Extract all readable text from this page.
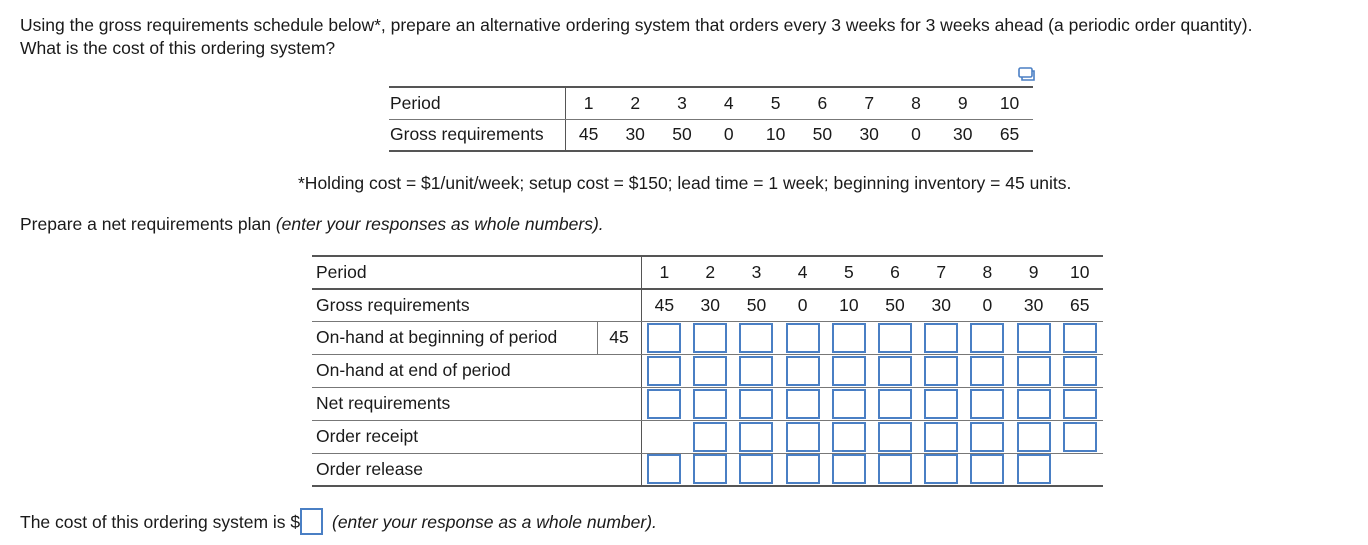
Using the gross requirements schedule below*, prepare an alternative ordering system that orders every 3 weeks for 3 weeks ahead (a periodic order quantity).
What is the cost of this ordering system?
Period	1	2	3	4	5	6	7	8	9	10
Gross requirements	45	30	50	0	10	50	30	0	30	65
*Holding cost = $1/unit/week; setup cost = $150; lead time = 1 week; beginning inventory = 45 units.
Prepare a net requirements plan (enter your responses as whole numbers).
Period		1	2	3	4	5	6	7	8	9	10
Gross requirements		45	30	50	0	10	50	30	0	30	65
On-hand at beginning of period	45										
On-hand at end of period											
Net requirements											
Order receipt											
Order release											
The cost of this ordering system is $ (enter your response as a whole number).
